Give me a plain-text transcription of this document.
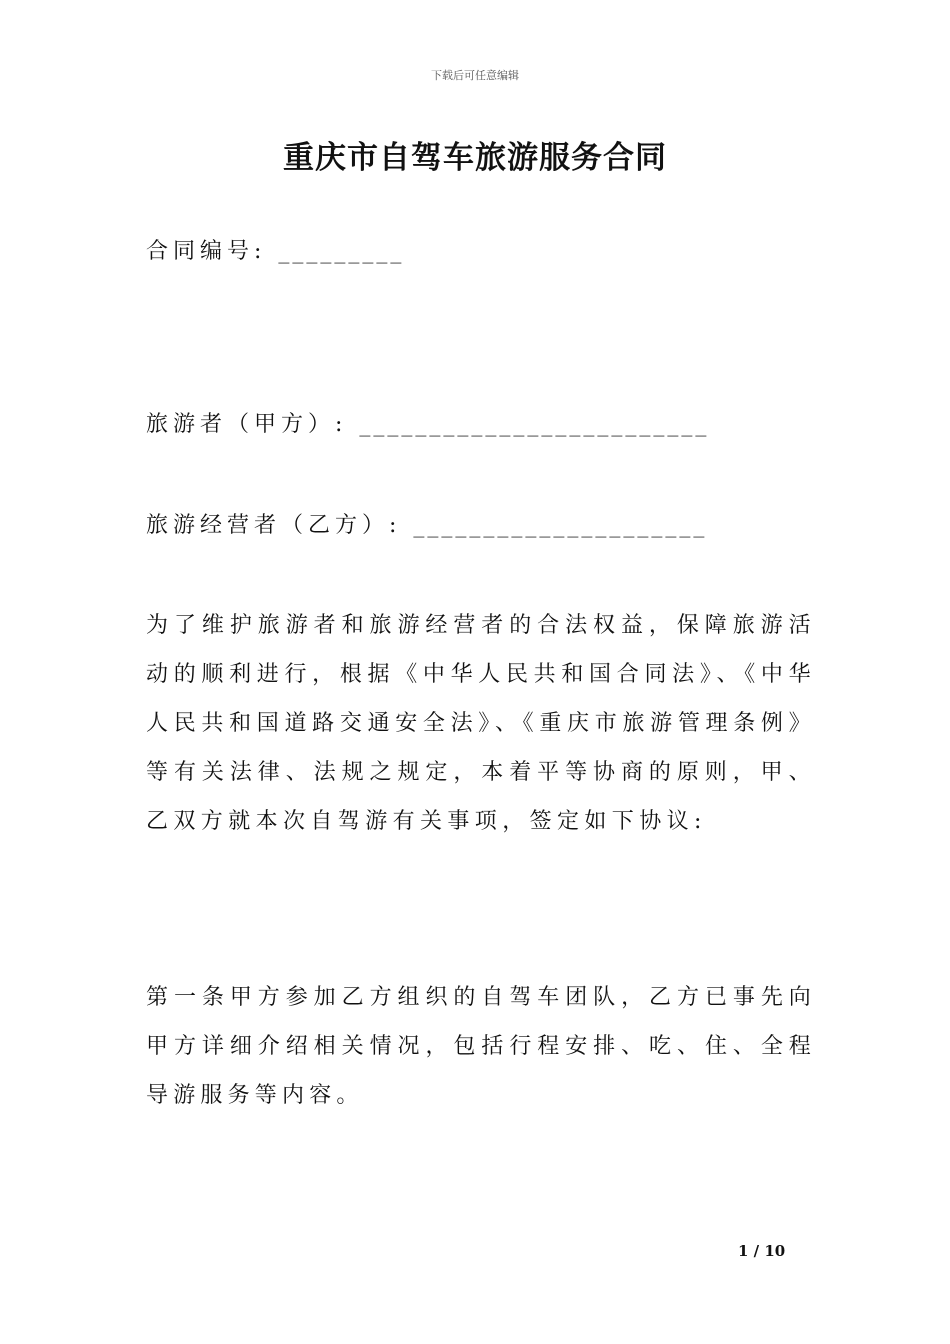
下载后可任意编辑
重庆市自驾车旅游服务合同
合同编号: _________
旅游者（甲方）: _________________________
旅游经营者（乙方）: _____________________
为了维护旅游者和旅游经营者的合法权益，保障旅游活动的顺利进行，根据《中华人民共和国合同法》、《中华人民共和国道路交通安全法》、《重庆市旅游管理条例》等有关法律、法规之规定，本着平等协商的原则，甲、乙双方就本次自驾游有关事项，签定如下协议:
第一条甲方参加乙方组织的自驾车团队，乙方已事先向甲方详细介绍相关情况，包括行程安排、吃、住、全程导游服务等内容。
1 / 10
